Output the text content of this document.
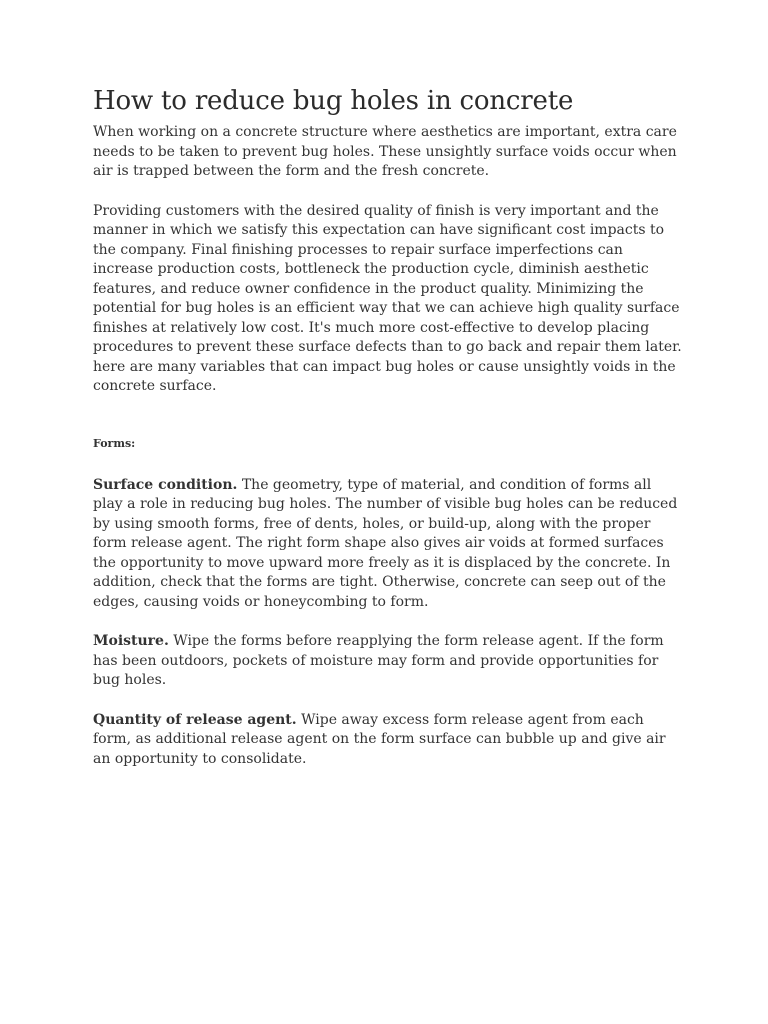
How to reduce bug holes in concrete

When working on a concrete structure where aesthetics are important, extra care needs to be taken to prevent bug holes. These unsightly surface voids occur when air is trapped between the form and the fresh concrete.

Providing customers with the desired quality of finish is very important and the manner in which we satisfy this expectation can have significant cost impacts to the company. Final finishing processes to repair surface imperfections can increase production costs, bottleneck the production cycle, diminish aesthetic features, and reduce owner confidence in the product quality. Minimizing the potential for bug holes is an efficient way that we can achieve high quality surface finishes at relatively low cost. It's much more cost-effective to develop placing procedures to prevent these surface defects than to go back and repair them later.

here are many variables that can impact bug holes or cause unsightly voids in the concrete surface.

Forms:

Surface condition. The geometry, type of material, and condition of forms all play a role in reducing bug holes. The number of visible bug holes can be reduced by using smooth forms, free of dents, holes, or build-up, along with the proper form release agent. The right form shape also gives air voids at formed surfaces the opportunity to move upward more freely as it is displaced by the concrete. In addition, check that the forms are tight. Otherwise, concrete can seep out of the edges, causing voids or honeycombing to form.

Moisture. Wipe the forms before reapplying the form release agent. If the form has been outdoors, pockets of moisture may form and provide opportunities for bug holes.

Quantity of release agent. Wipe away excess form release agent from each form, as additional release agent on the form surface can bubble up and give air an opportunity to consolidate.
